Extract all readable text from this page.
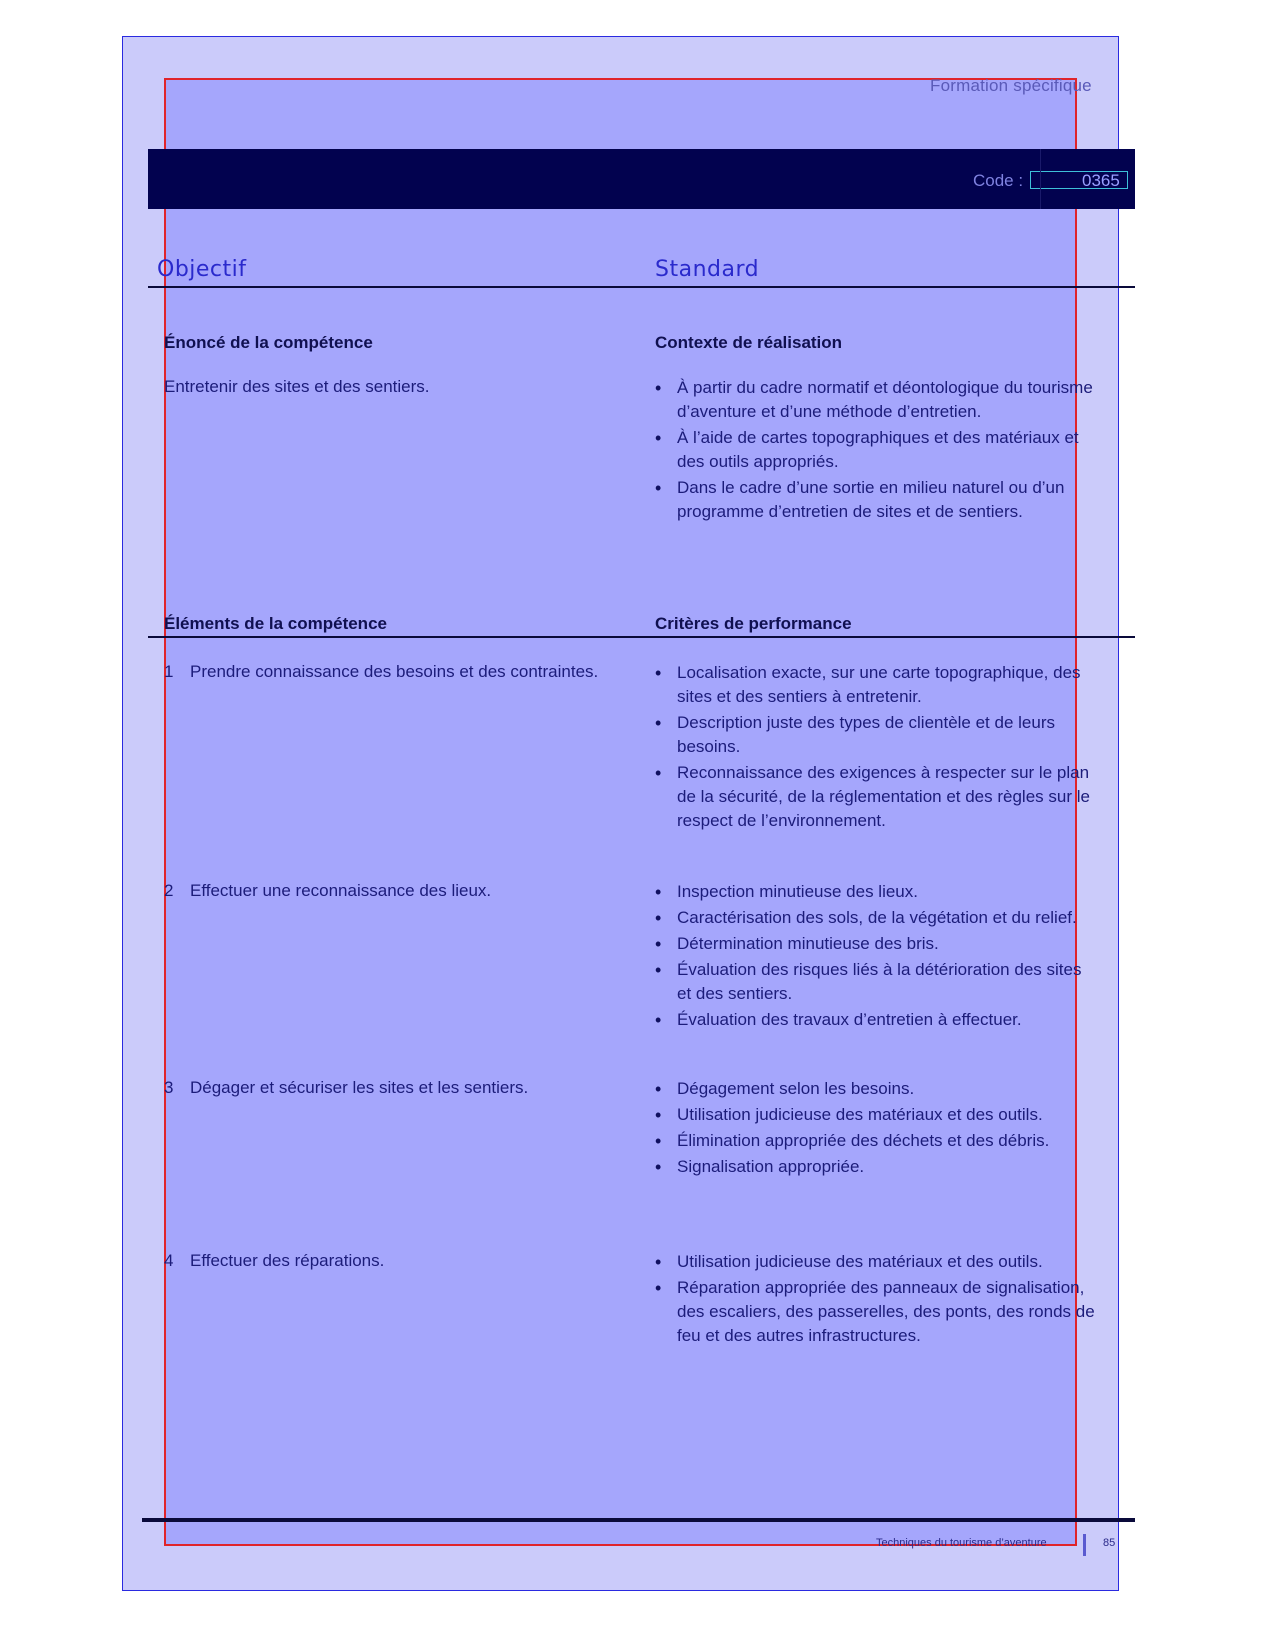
Formation spécifique
Code :	0365
Objectif	Standard
Énoncé de la compétence	Contexte de réalisation
Entretenir des sites et des sentiers.	• À partir du cadre normatif et déontologique du tourisme d’aventure et d’une méthode d’entretien.
• À l’aide de cartes topographiques et des matériaux et des outils appropriés.
• Dans le cadre d’une sortie en milieu naturel ou d’un programme d’entretien de sites et de sentiers.
Éléments de la compétence	Critères de performance
1 Prendre connaissance des besoins et des contraintes.	• Localisation exacte, sur une carte topographique, des sites et des sentiers à entretenir.
• Description juste des types de clientèle et de leurs besoins.
• Reconnaissance des exigences à respecter sur le plan de la sécurité, de la réglementation et des règles sur le respect de l’environnement.
2 Effectuer une reconnaissance des lieux.	• Inspection minutieuse des lieux.
• Caractérisation des sols, de la végétation et du relief.
• Détermination minutieuse des bris.
• Évaluation des risques liés à la détérioration des sites et des sentiers.
• Évaluation des travaux d’entretien à effectuer.
3 Dégager et sécuriser les sites et les sentiers.	• Dégagement selon les besoins.
• Utilisation judicieuse des matériaux et des outils.
• Élimination appropriée des déchets et des débris.
• Signalisation appropriée.
4 Effectuer des réparations.	• Utilisation judicieuse des matériaux et des outils.
• Réparation appropriée des panneaux de signalisation, des escaliers, des passerelles, des ponts, des ronds de feu et des autres infrastructures.
Techniques du tourisme d’aventure	85
